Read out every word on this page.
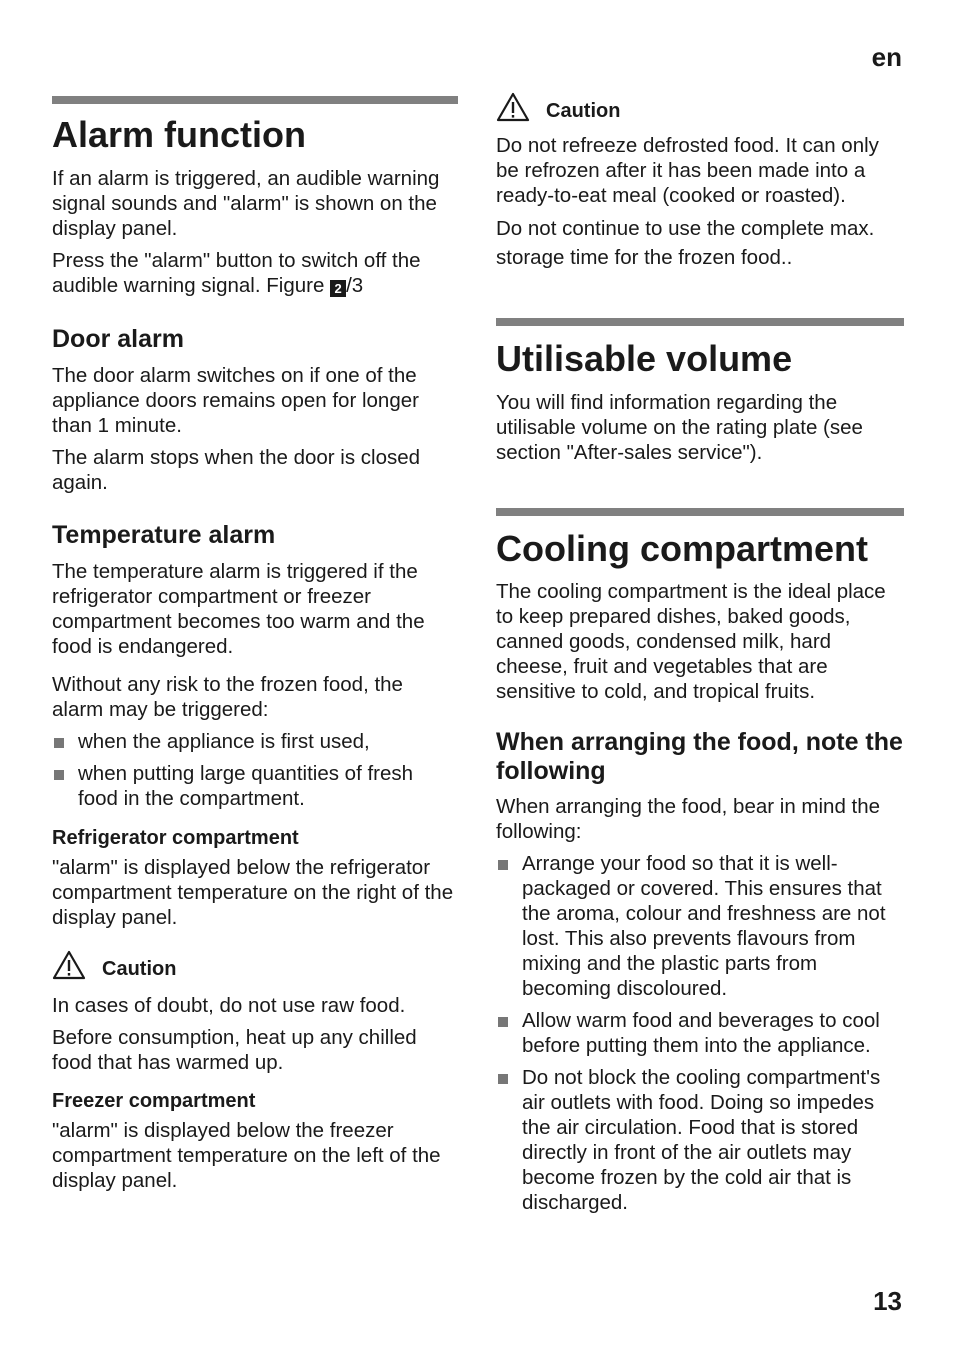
en
Alarm function

If an alarm is triggered, an audible warning signal sounds and "alarm" is shown on the display panel.

Press the "alarm" button to switch off the audible warning signal. Figure 2 /3

Door alarm

The door alarm switches on if one of the appliance doors remains open for longer than 1 minute.

The alarm stops when the door is closed again.

Temperature alarm

The temperature alarm is triggered if the refrigerator compartment or freezer compartment becomes too warm and the food is endangered.

Without any risk to the frozen food, the alarm may be triggered:

when the appliance is first used,
when putting large quantities of fresh food in the compartment.
Refrigerator compartment

"alarm" is displayed below the refrigerator compartment temperature on the right of the display panel.

Caution

In cases of doubt, do not use raw food.

Before consumption, heat up any chilled food that has warmed up.

Freezer compartment

"alarm" is displayed below the freezer compartment temperature on the left of the display panel.

Caution

Do not refreeze defrosted food. It can only be refrozen after it has been made into a ready-to-eat meal (cooked or roasted).

Do not continue to use the complete max. storage time for the frozen food..

Utilisable volume

You will find information regarding the utilisable volume on the rating plate (see section "After-sales service").

Cooling compartment

The cooling compartment is the ideal place to keep prepared dishes, baked goods, canned goods, condensed milk, hard cheese, fruit and vegetables that are sensitive to cold, and tropical fruits.

When arranging the food, note the following

When arranging the food, bear in mind the following:

Arrange your food so that it is well-packaged or covered. This ensures that the aroma, colour and freshness are not lost. This also prevents flavours from mixing and the plastic parts from becoming discoloured.
Allow warm food and beverages to cool before putting them into the appliance.
Do not block the cooling compartment's air outlets with food. Doing so impedes the air circulation. Food that is stored directly in front of the air outlets may become frozen by the cold air that is discharged.
13
